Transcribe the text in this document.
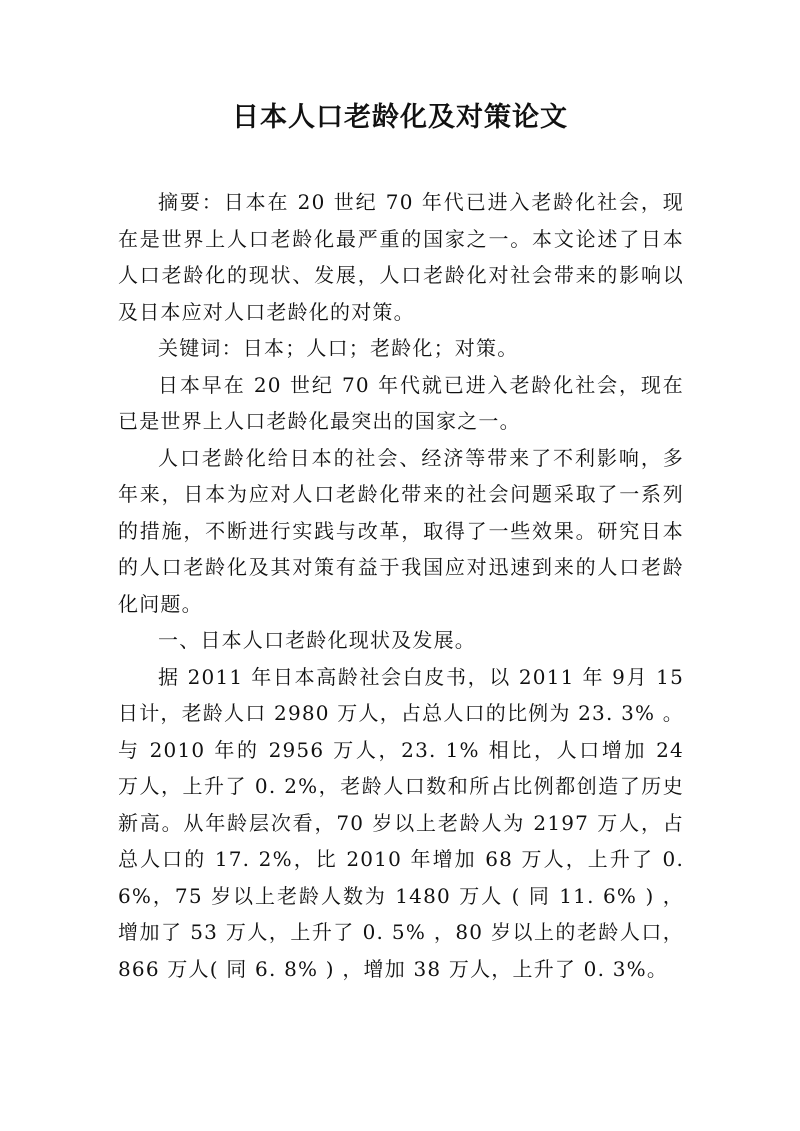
日本人口老龄化及对策论文

摘要：日本在 20 世纪 70 年代已进入老龄化社会，现在是世界上人口老龄化最严重的国家之一。本文论述了日本人口老龄化的现状、发展，人口老龄化对社会带来的影响以及日本应对人口老龄化的对策。

关键词：日本；人口；老龄化；对策。

日本早在 20 世纪 70 年代就已进入老龄化社会，现在已是世界上人口老龄化最突出的国家之一。

人口老龄化给日本的社会、经济等带来了不利影响，多年来，日本为应对人口老龄化带来的社会问题采取了一系列的措施，不断进行实践与改革，取得了一些效果。研究日本的人口老龄化及其对策有益于我国应对迅速到来的人口老龄化问题。

一、日本人口老龄化现状及发展。

据 2011 年日本高龄社会白皮书，以 2011 年 9月 15 日计，老龄人口 2980 万人，占总人口的比例为 23. 3% 。与 2010 年的 2956 万人，23. 1% 相比，人口增加 24 万人，上升了 0. 2%，老龄人口数和所占比例都创造了历史新高。从年龄层次看，70 岁以上老龄人为 2197 万人，占总人口的 17. 2%，比 2010 年增加 68 万人，上升了 0. 6%，75 岁以上老龄人数为 1480 万人 ( 同 11. 6% ) ，增加了 53 万人，上升了 0. 5% ，80 岁以上的老龄人口，866 万人( 同 6. 8% ) ，增加 38 万人，上升了 0. 3%。
